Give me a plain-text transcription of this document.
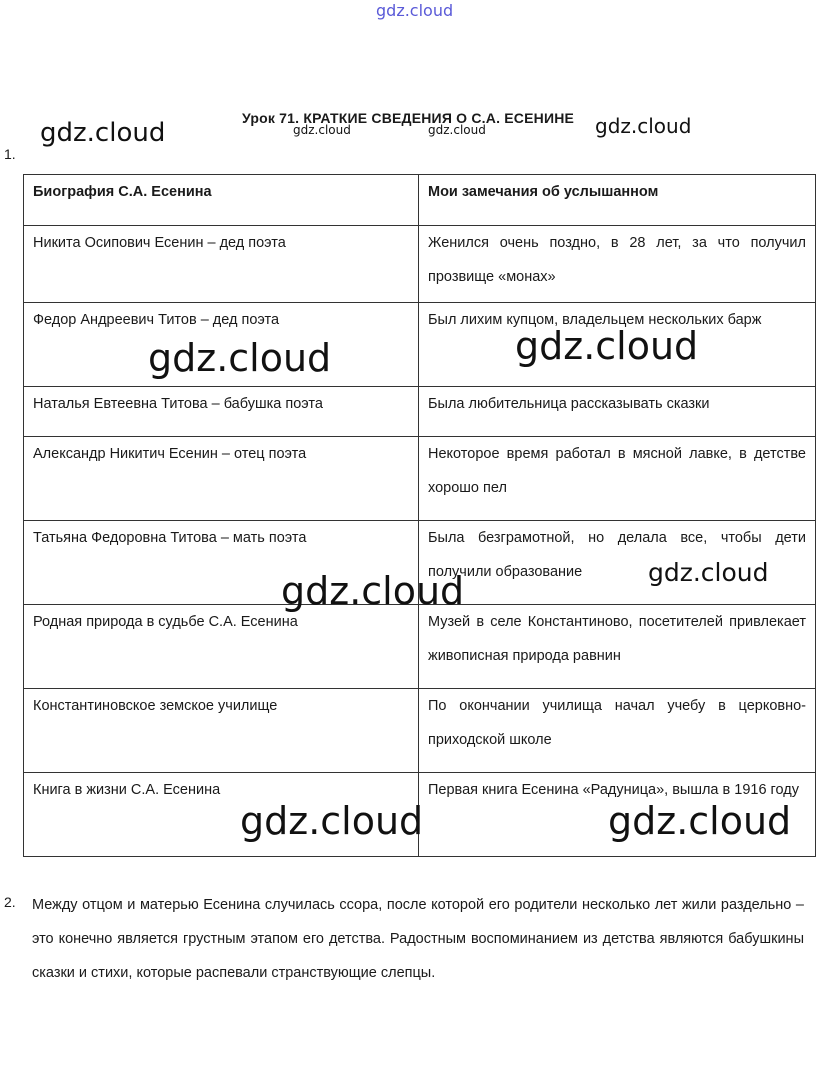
gdz.cloud
Урок 71. КРАТКИЕ СВЕДЕНИЯ О С.А. ЕСЕНИНЕ
1.
Биография С.А. Есенина	Мои замечания об услышанном
Никита Осипович Есенин – дед поэта	Женился очень поздно, в 28 лет, за что получил прозвище «монах»
Федор Андреевич Титов – дед поэта	Был лихим купцом, владельцем нескольких барж
Наталья Евтеевна Титова – бабушка поэта	Была любительница рассказывать сказки
Александр Никитич Есенин – отец поэта	Некоторое время работал в мясной лавке, в детстве хорошо пел
Татьяна Федоровна Титова – мать поэта	Была безграмотной, но делала все, чтобы дети получили образование
Родная природа в судьбе С.А. Есенина	Музей в селе Константиново, посетителей привлекает живописная природа равнин
Константиновское земское училище	По окончании училища начал учебу в церковно-приходской школе
Книга в жизни С.А. Есенина	Первая книга Есенина «Радуница», вышла в 1916 году
2. Между отцом и матерью Есенина случилась ссора, после которой его родители несколько лет жили раздельно – это конечно является грустным этапом его детства. Радостным воспоминанием из детства являются бабушкины сказки и стихи, которые распевали странствующие слепцы.
gdz.cloud	gdz.cloud	gdz.cloud	gdz.cloud
gdz.cloud	gdz.cloud
gdz.cloud	gdz.cloud
gdz.cloud	gdz.cloud
